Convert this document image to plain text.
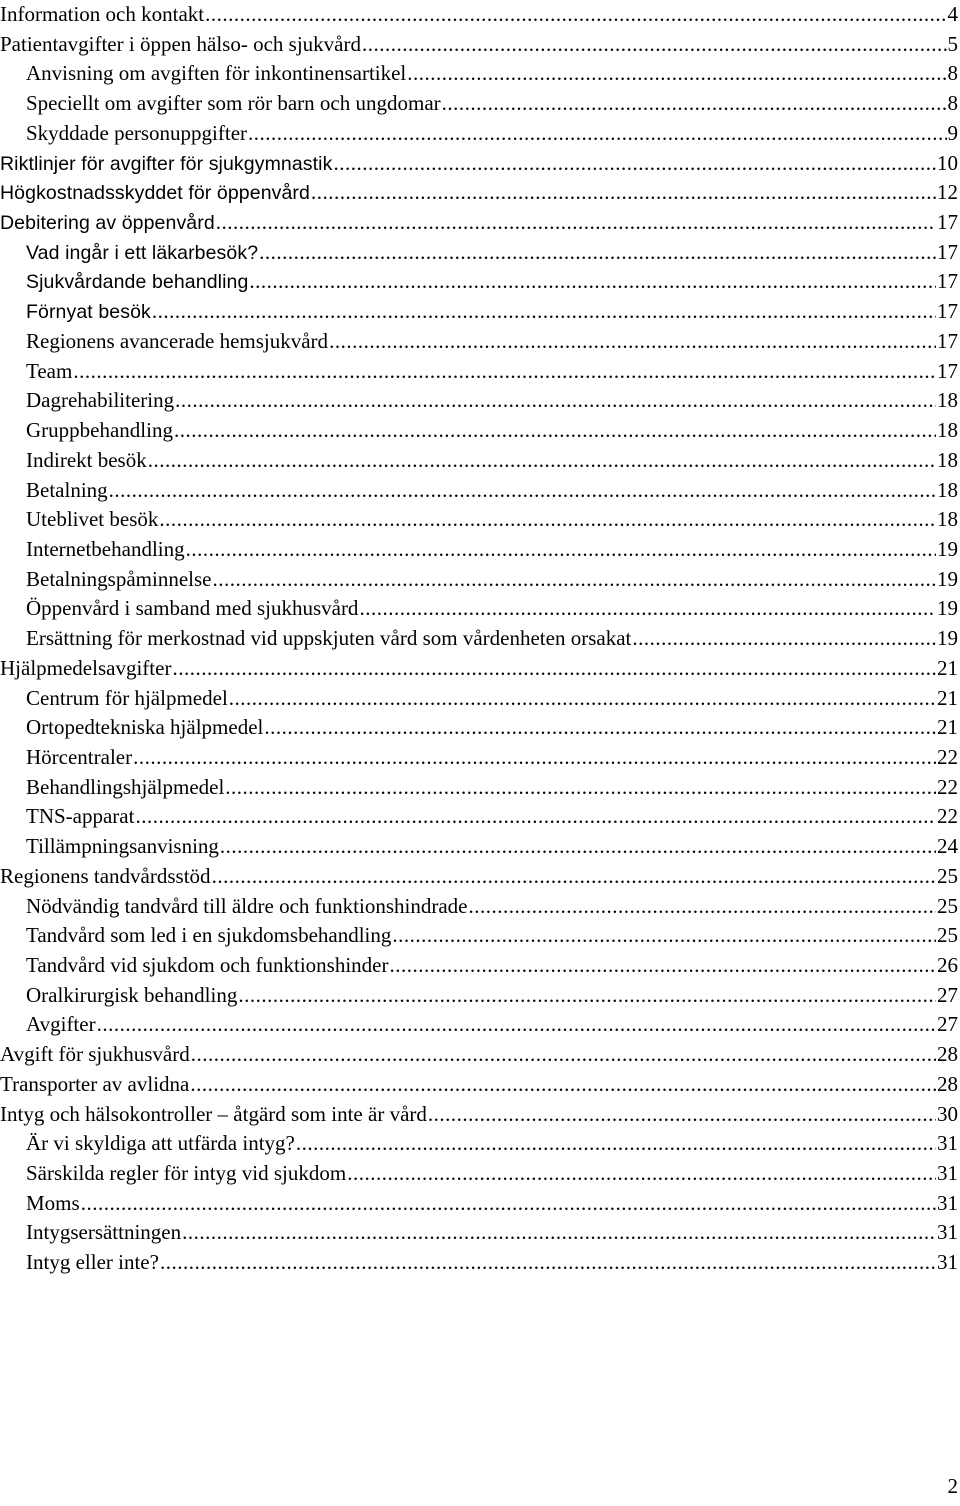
Information och kontakt .....	4
Patientavgifter i öppen hälso- och sjukvård .....	5
Anvisning om avgiften för inkontinensartikel .....	8
Speciellt om avgifter som rör barn och ungdomar .....	8
Skyddade personuppgifter .....	9
Riktlinjer för avgifter för sjukgymnastik .....	10
Högkostnadsskyddet för öppenvård .....	12
Debitering av öppenvård .....	17
Vad ingår i ett läkarbesök? .....	17
Sjukvårdande behandling .....	17
Förnyat besök .....	17
Regionens avancerade hemsjukvård .....	17
Team .....	17
Dagrehabilitering .....	18
Gruppbehandling .....	18
Indirekt besök .....	18
Betalning .....	18
Uteblivet besök .....	18
Internetbehandling .....	19
Betalningspåminnelse .....	19
Öppenvård i samband med sjukhusvård .....	19
Ersättning för merkostnad vid uppskjuten vård som vårdenheten orsakat .....	19
Hjälpmedelsavgifter .....	21
Centrum för hjälpmedel .....	21
Ortopedtekniska hjälpmedel .....	21
Hörcentraler .....	22
Behandlingshjälpmedel .....	22
TNS-apparat .....	22
Tillämpningsanvisning .....	24
Regionens tandvårdsstöd .....	25
Nödvändig tandvård till äldre och funktionshindrade .....	25
Tandvård som led i en sjukdomsbehandling .....	25
Tandvård vid sjukdom och funktionshinder .....	26
Oralkirurgisk behandling .....	27
Avgifter .....	27
Avgift för sjukhusvård .....	28
Transporter av avlidna .....	28
Intyg och hälsokontroller – åtgärd som inte är vård .....	30
Är vi skyldiga att utfärda intyg? .....	31
Särskilda regler för intyg vid sjukdom .....	31
Moms .....	31
Intygsersättningen .....	31
Intyg eller inte? .....	31
2
